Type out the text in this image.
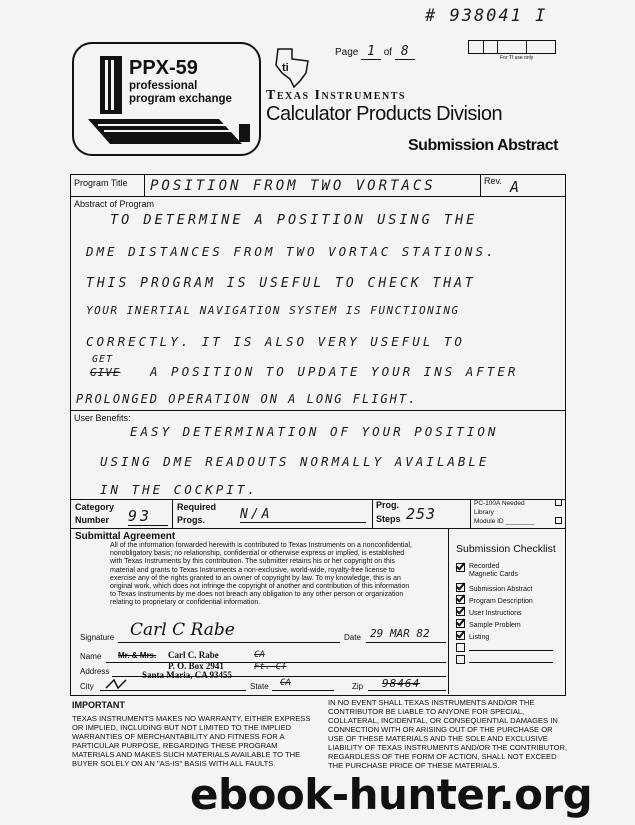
# 938041 I
PPX-59
professional
program exchange
ti
Page 1 of 8	For TI use only
Texas Instruments
Calculator Products Division
Submission Abstract
Program Title POSITION FROM TWO VORTACS	Rev. A
Abstract of Program
TO DETERMINE A POSITION USING THE
DME DISTANCES FROM TWO VORTAC STATIONS.
THIS PROGRAM IS USEFUL TO CHECK THAT
YOUR INERTIAL NAVIGATION SYSTEM IS FUNCTIONING
CORRECTLY. IT IS ALSO VERY USEFUL TO
GET
GIVE A POSITION TO UPDATE YOUR INS AFTER
PROLONGED OPERATION ON A LONG FLIGHT.
User Benefits:
EASY DETERMINATION OF YOUR POSITION
USING DME READOUTS NORMALLY AVAILABLE
IN THE COCKPIT.
Category
Number 93	Required
Progs.	N/A
Prog.
Steps 253
PC-100A Needed
Library
Module ID ________
Submittal Agreement
All of the information forwarded herewith is contributed to Texas Instruments on a nonconfidential, nonobligatory basis; no relationship, confidential or otherwise express or implied, is established with Texas Instruments by this contribution. The submitter retains his or her copyright on this material and grants to Texas Instruments a non-exclusive, world-wide, royalty-free license to exercise any of the rights granted to an owner of copyright by law. To my knowledge, this is an original work, which does not infringe the copyright of another and contribution of this information to Texas Instruments by me does not breach any obligation to any other person or organization relating to proprietary or confidential information.
Signature Carl C Rabe	Date 29 MAR 82
Name Mr. & Mrs. Carl C. Rabe	CA
Address
P. O. Box 2941
Santa Maria, CA 93455
Ft. CT
City	State CA	Zip 98464
Submission Checklist
Recorded
Magnetic Cards
Submission Abstract
Program Description
User Instructions
Sample Problem
Listing
IMPORTANT
TEXAS INSTRUMENTS MAKES NO WARRANTY, EITHER EXPRESS OR IMPLIED, INCLUDING BUT NOT LIMITED TO THE IMPLIED WARRANTIES OF MERCHANTABILITY AND FITNESS FOR A PARTICULAR PURPOSE, REGARDING THESE PROGRAM MATERIALS AND MAKES SUCH MATERIALS AVAILABLE TO THE BUYER SOLELY ON AN "AS-IS" BASIS WITH ALL FAULTS.
IN NO EVENT SHALL TEXAS INSTRUMENTS AND/OR THE CONTRIBUTOR BE LIABLE TO ANYONE FOR SPECIAL, COLLATERAL, INCIDENTAL, OR CONSEQUENTIAL DAMAGES IN CONNECTION WITH OR ARISING OUT OF THE PURCHASE OR USE OF THESE MATERIALS AND THE SOLE AND EXCLUSIVE LIABILITY OF TEXAS INSTRUMENTS AND/OR THE CONTRIBUTOR, REGARDLESS OF THE FORM OF ACTION, SHALL NOT EXCEED THE PURCHASE PRICE OF THESE MATERIALS.
ebook-hunter.org
